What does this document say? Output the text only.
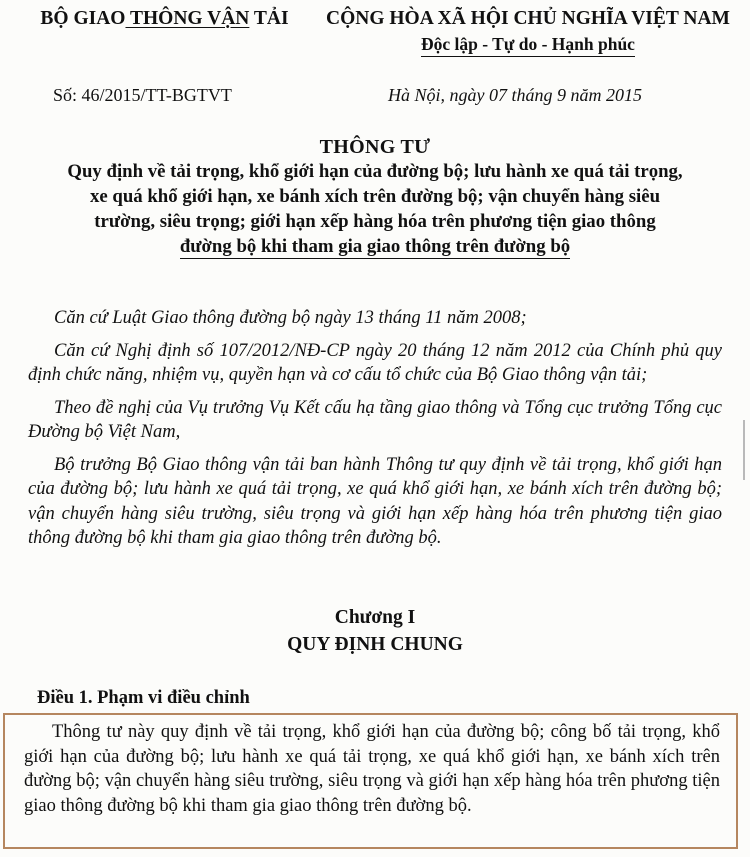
BỘ GIAO THÔNG VẬN TẢI	CỘNG HÒA XÃ HỘI CHỦ NGHĨA VIỆT NAM
Độc lập - Tự do - Hạnh phúc
Số: 46/2015/TT-BGTVT	Hà Nội, ngày 07 tháng 9 năm 2015
THÔNG TƯ
Quy định về tải trọng, khổ giới hạn của đường bộ; lưu hành xe quá tải trọng,
xe quá khổ giới hạn, xe bánh xích trên đường bộ; vận chuyển hàng siêu
trường, siêu trọng; giới hạn xếp hàng hóa trên phương tiện giao thông
đường bộ khi tham gia giao thông trên đường bộ

Căn cứ Luật Giao thông đường bộ ngày 13 tháng 11 năm 2008;

Căn cứ Nghị định số 107/2012/NĐ-CP ngày 20 tháng 12 năm 2012 của Chính phủ quy định chức năng, nhiệm vụ, quyền hạn và cơ cấu tổ chức của Bộ Giao thông vận tải;

Theo đề nghị của Vụ trưởng Vụ Kết cấu hạ tầng giao thông và Tổng cục trưởng Tổng cục Đường bộ Việt Nam,

Bộ trưởng Bộ Giao thông vận tải ban hành Thông tư quy định về tải trọng, khổ giới hạn của đường bộ; lưu hành xe quá tải trọng, xe quá khổ giới hạn, xe bánh xích trên đường bộ; vận chuyển hàng siêu trường, siêu trọng và giới hạn xếp hàng hóa trên phương tiện giao thông đường bộ khi tham gia giao thông trên đường bộ.

Chương I
QUY ĐỊNH CHUNG
Điều 1. Phạm vi điều chỉnh

Thông tư này quy định về tải trọng, khổ giới hạn của đường bộ; công bố tải trọng, khổ giới hạn của đường bộ; lưu hành xe quá tải trọng, xe quá khổ giới hạn, xe bánh xích trên đường bộ; vận chuyển hàng siêu trường, siêu trọng và giới hạn xếp hàng hóa trên phương tiện giao thông đường bộ khi tham gia giao thông trên đường bộ.
